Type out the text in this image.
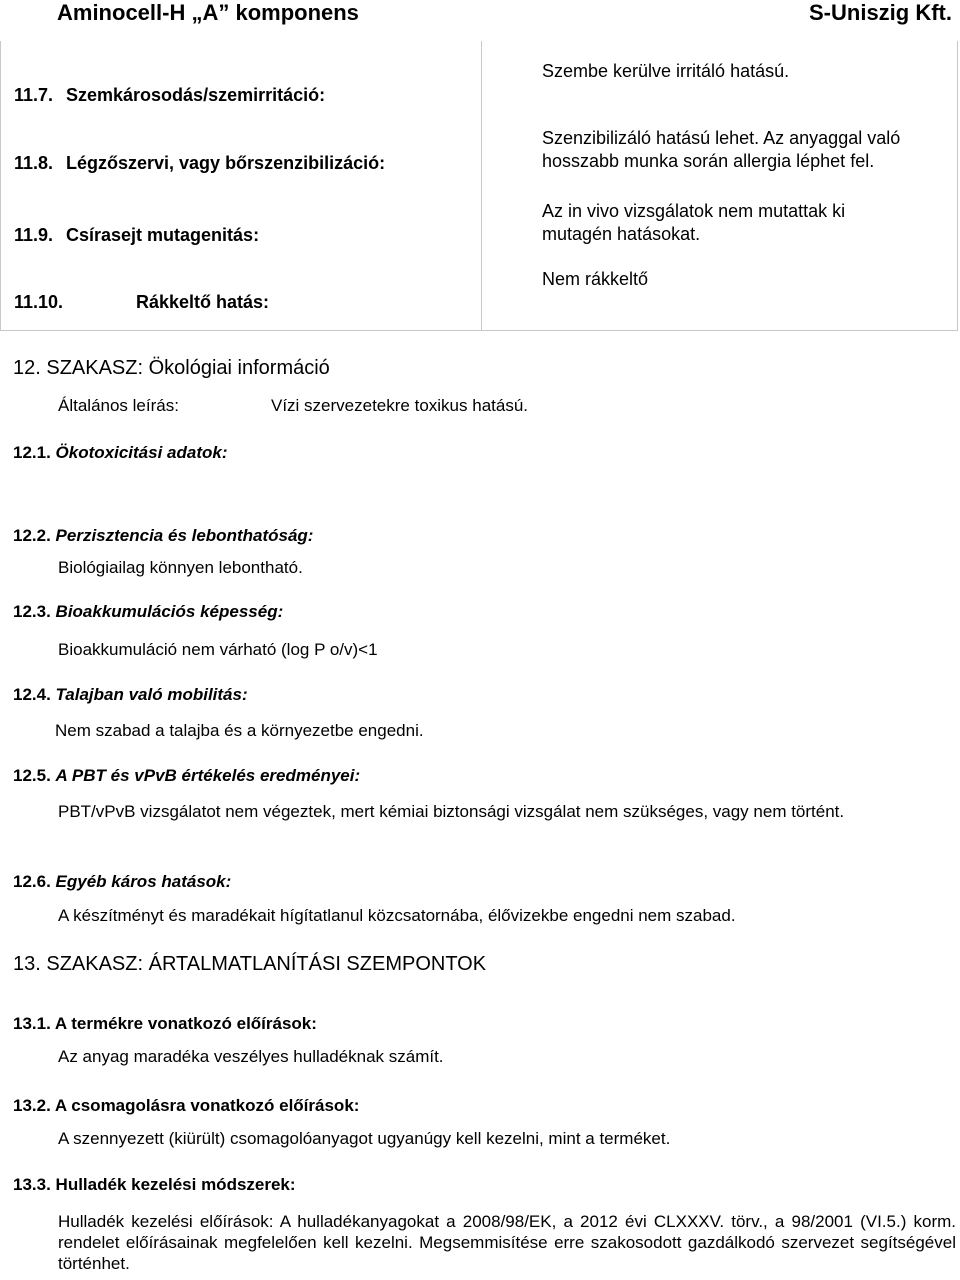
Aminocell-H „A” komponens	S-Uniszig Kft.
11.7. Szemkárosodás/szemirritáció:
Szembe kerülve irritáló hatású.
11.8. Légzőszervi, vagy bőrszenzibilizáció:
Szenzibilizáló hatású lehet. Az anyaggal való
hosszabb munka során allergia léphet fel.
11.9. Csírasejt mutagenitás:
Az in vivo vizsgálatok nem mutattak ki
mutagén hatásokat.
11.10.	Rákkeltő hatás:
Nem rákkeltő
12. SZAKASZ: Ökológiai információ
Általános leírás:	Vízi szervezetekre toxikus hatású.
12.1. Ökotoxicitási adatok:
12.2. Perzisztencia és lebonthatóság:
Biológiailag könnyen lebontható.
12.3. Bioakkumulációs képesség:
Bioakkumuláció nem várható (log P o/v)<1
12.4. Talajban való mobilitás:
Nem szabad a talajba és a környezetbe engedni.
12.5. A PBT és vPvB értékelés eredményei:
PBT/vPvB vizsgálatot nem végeztek, mert kémiai biztonsági vizsgálat nem szükséges, vagy nem történt.
12.6. Egyéb káros hatások:
A készítményt és maradékait hígítatlanul közcsatornába, élővizekbe engedni nem szabad.
13. SZAKASZ: ÁRTALMATLANÍTÁSI SZEMPONTOK
13.1. A termékre vonatkozó előírások:
Az anyag maradéka veszélyes hulladéknak számít.
13.2. A csomagolásra vonatkozó előírások:
A szennyezett (kiürült) csomagolóanyagot ugyanúgy kell kezelni, mint a terméket.
13.3. Hulladék kezelési módszerek:
Hulladék kezelési előírások: A hulladékanyagokat a 2008/98/EK, a 2012 évi CLXXXV. törv., a 98/2001 (VI.5.) korm. rendelet előírásainak megfelelően kell kezelni. Megsemmisítése erre szakosodott gazdálkodó szervezet segítségével történhet.
